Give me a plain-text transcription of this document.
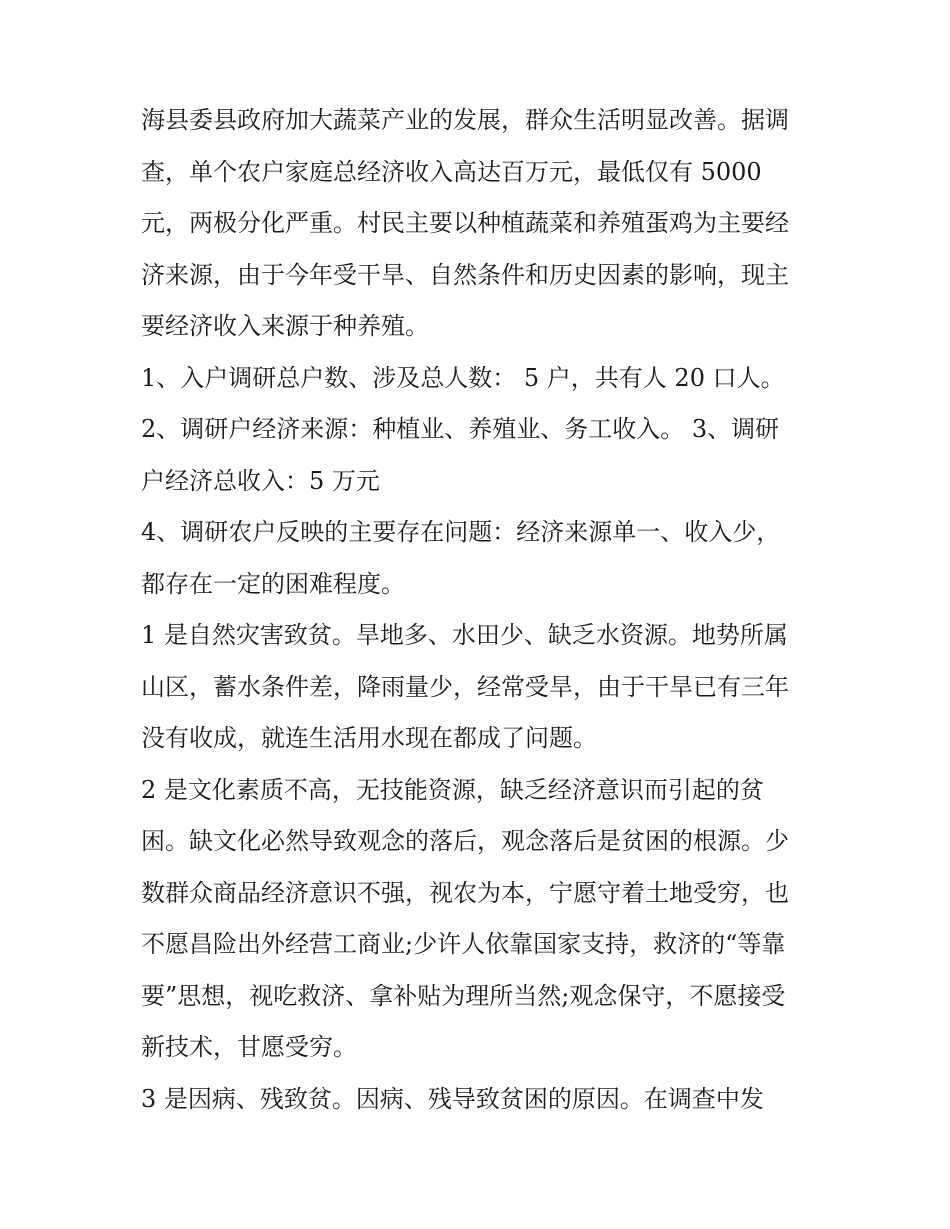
海县委县政府加大蔬菜产业的发展，群众生活明显改善。据调
查，单个农户家庭总经济收入高达百万元，最低仅有 5000
元，两极分化严重。村民主要以种植蔬菜和养殖蛋鸡为主要经
济来源，由于今年受干旱、自然条件和历史因素的影响，现主
要经济收入来源于种养殖。
1、入户调研总户数、涉及总人数： 5 户，共有人 20 口人。
2、调研户经济来源：种植业、养殖业、务工收入。 3、调研
户经济总收入：5 万元
4、调研农户反映的主要存在问题：经济来源单一、收入少，
都存在一定的困难程度。
1 是自然灾害致贫。旱地多、水田少、缺乏水资源。地势所属
山区，蓄水条件差，降雨量少，经常受旱，由于干旱已有三年
没有收成，就连生活用水现在都成了问题。
2 是文化素质不高，无技能资源，缺乏经济意识而引起的贫
困。缺文化必然导致观念的落后，观念落后是贫困的根源。少
数群众商品经济意识不强，视农为本，宁愿守着土地受穷，也
不愿昌险出外经营工商业;少许人依靠国家支持，救济的“等靠
要”思想，视吃救济、拿补贴为理所当然;观念保守，不愿接受
新技术，甘愿受穷。
3 是因病、残致贫。因病、残导致贫困的原因。在调查中发
